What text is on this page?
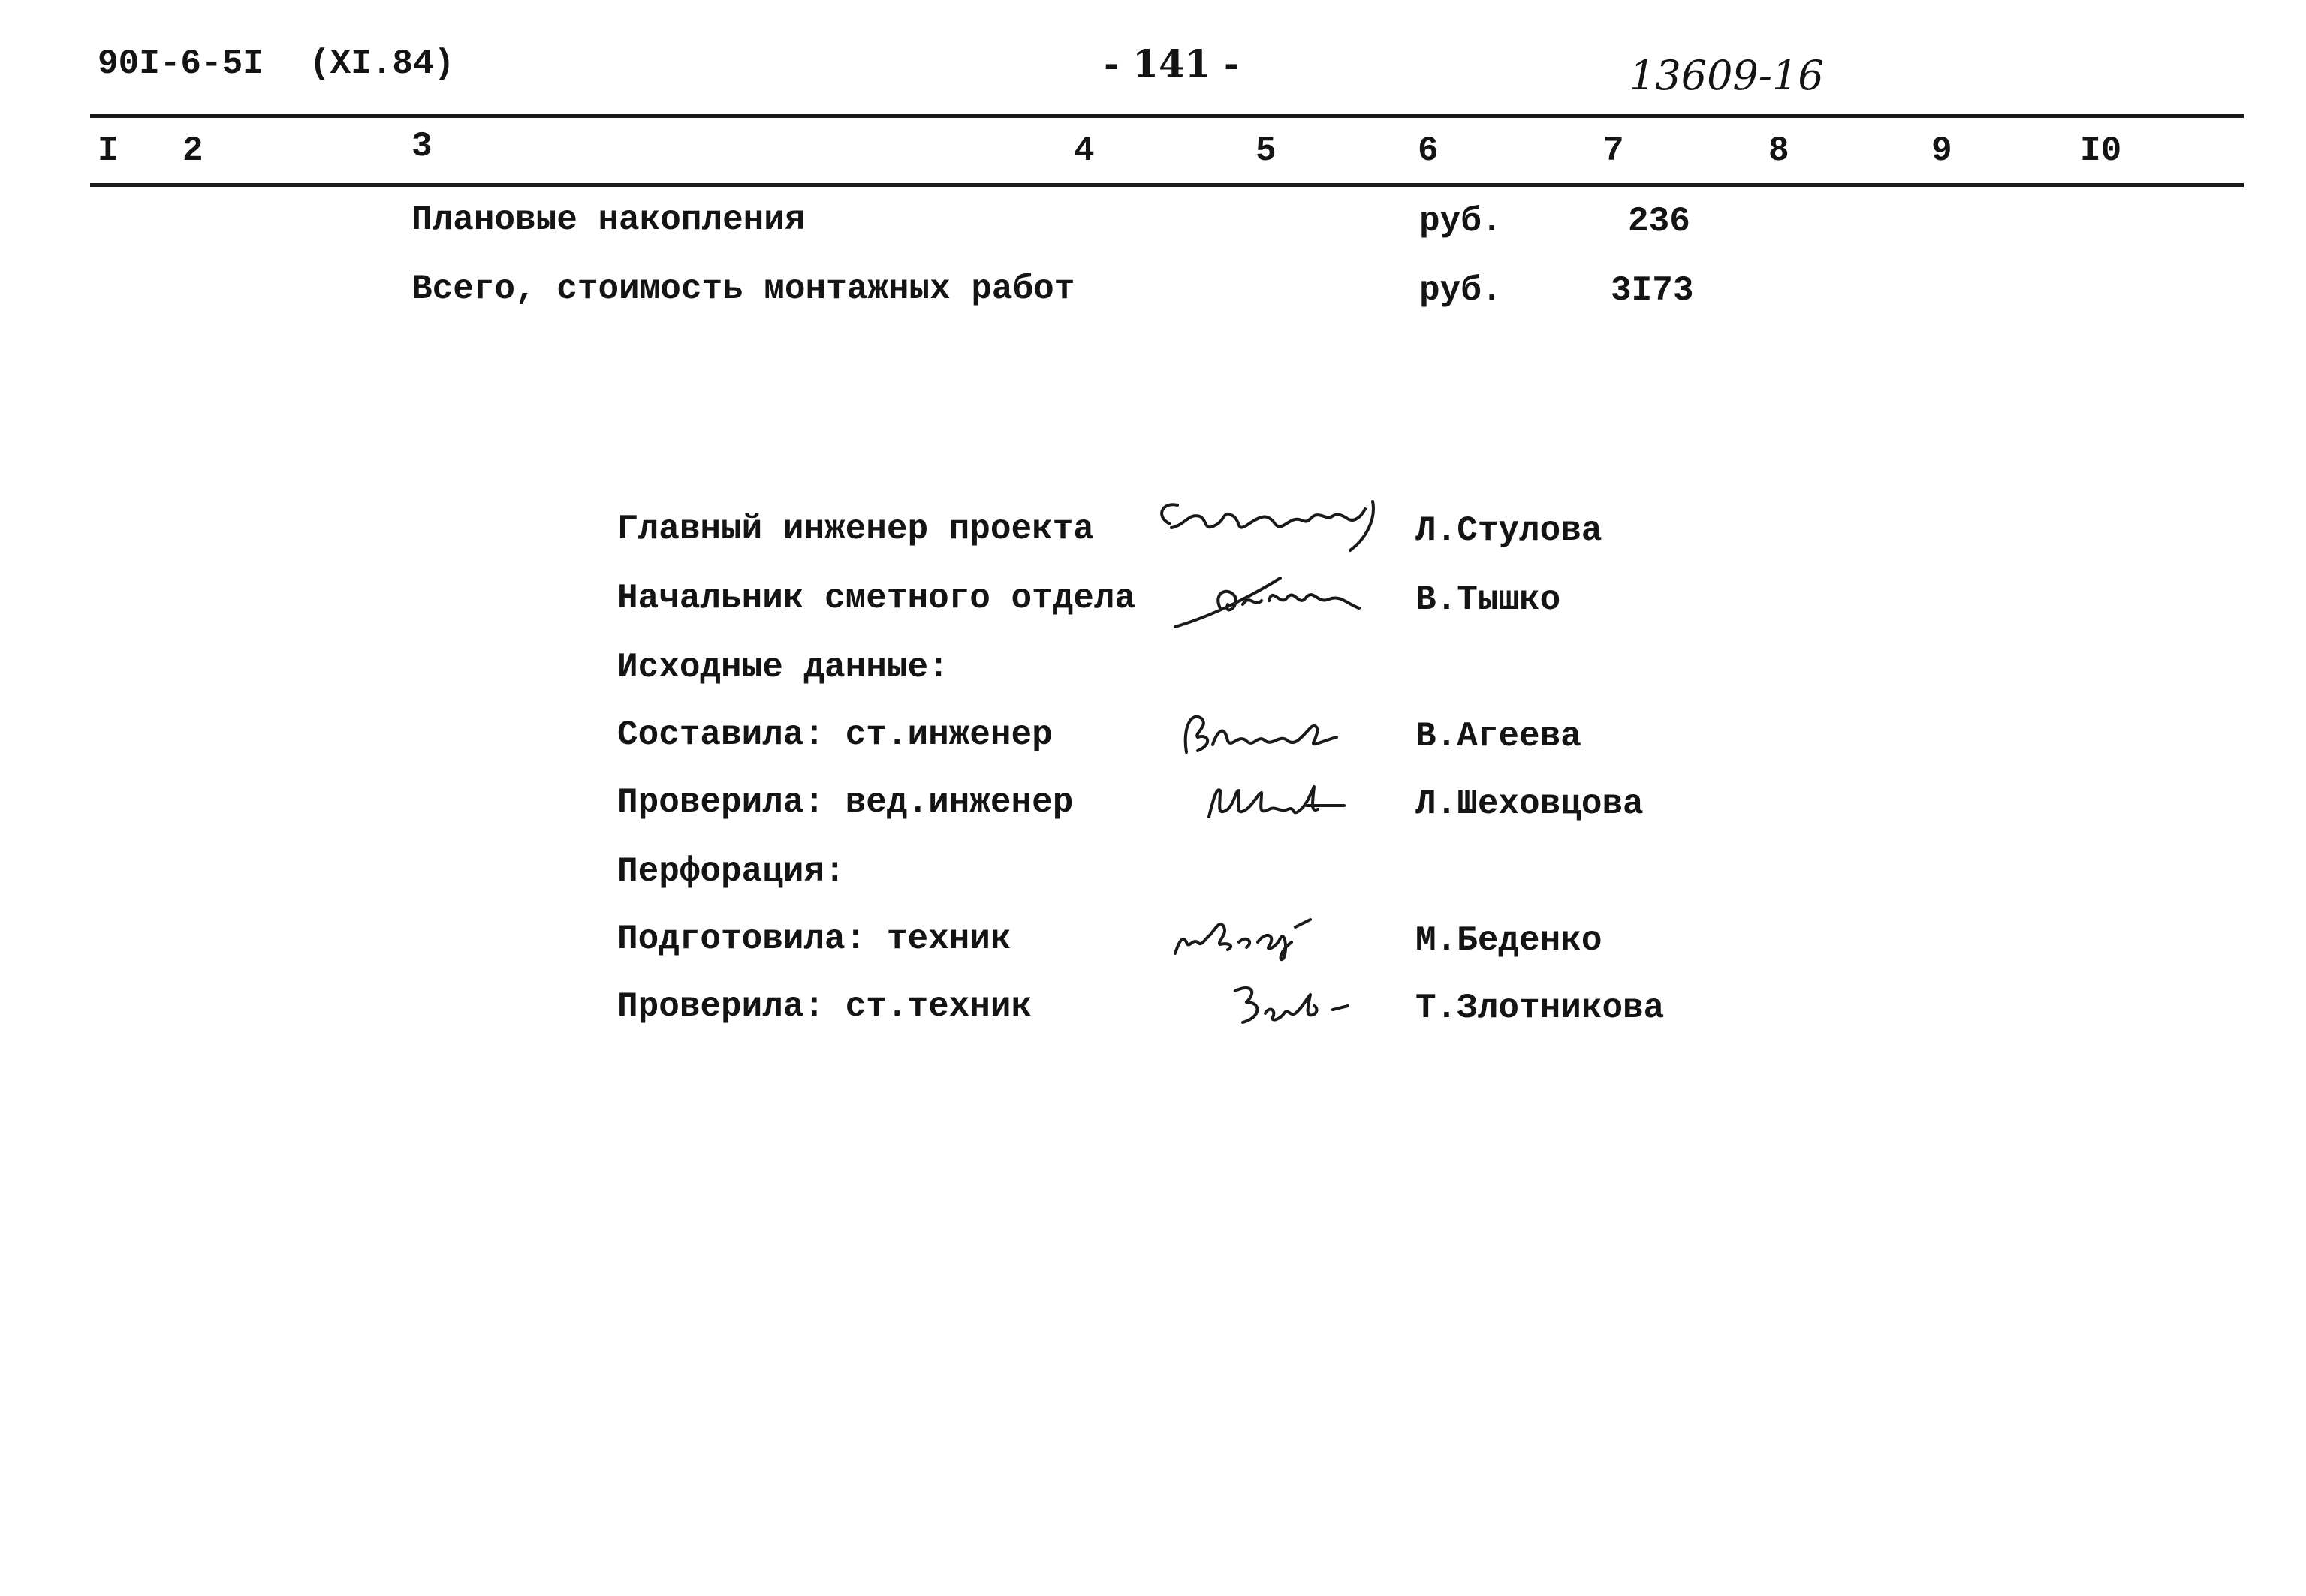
90I-6-5I (XI.84)	- 141 -	13609-16
I 2	3	4	5	6	7	8	9	I0
Плановые накопления	руб.	236
Всего, стоимость монтажных работ	руб.	3I73
Главный инженер проекта	Л.Стулова
Начальник сметного отдела	В.Тышко
Исходные данные:
Составила: ст.инженер	В.Агеева
Проверила: вед.инженер	Л.Шеховцова
Перфорация:
Подготовила: техник	М.Беденко
Проверила: ст.техник	Т.Злотникова
